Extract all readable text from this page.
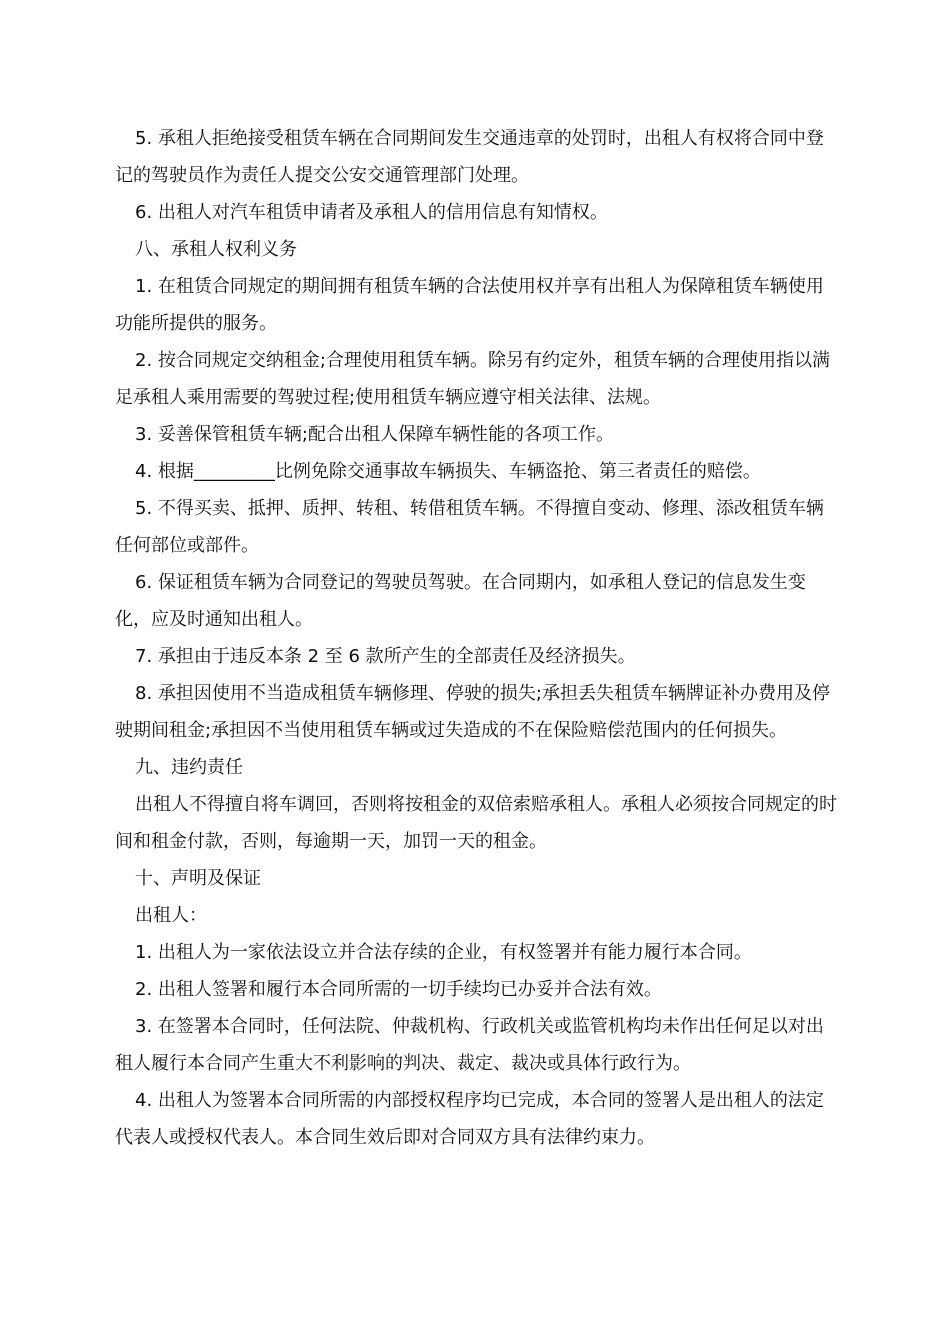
5. 承租人拒绝接受租赁车辆在合同期间发生交通违章的处罚时，出租人有权将合同中登记的驾驶员作为责任人提交公安交通管理部门处理。

6. 出租人对汽车租赁申请者及承租人的信用信息有知情权。

八、承租人权利义务

1. 在租赁合同规定的期间拥有租赁车辆的合法使用权并享有出租人为保障租赁车辆使用功能所提供的服务。

2. 按合同规定交纳租金;合理使用租赁车辆。除另有约定外，租赁车辆的合理使用指以满足承租人乘用需要的驾驶过程;使用租赁车辆应遵守相关法律、法规。

3. 妥善保管租赁车辆;配合出租人保障车辆性能的各项工作。

4. 根据_________比例免除交通事故车辆损失、车辆盗抢、第三者责任的赔偿。

5. 不得买卖、抵押、质押、转租、转借租赁车辆。不得擅自变动、修理、添改租赁车辆任何部位或部件。

6. 保证租赁车辆为合同登记的驾驶员驾驶。在合同期内，如承租人登记的信息发生变化，应及时通知出租人。

7. 承担由于违反本条 2 至 6 款所产生的全部责任及经济损失。

8. 承担因使用不当造成租赁车辆修理、停驶的损失;承担丢失租赁车辆牌证补办费用及停驶期间租金;承担因不当使用租赁车辆或过失造成的不在保险赔偿范围内的任何损失。

九、违约责任

出租人不得擅自将车调回，否则将按租金的双倍索赔承租人。承租人必须按合同规定的时间和租金付款，否则，每逾期一天，加罚一天的租金。

十、声明及保证

出租人：

1. 出租人为一家依法设立并合法存续的企业，有权签署并有能力履行本合同。

2. 出租人签署和履行本合同所需的一切手续均已办妥并合法有效。

3. 在签署本合同时，任何法院、仲裁机构、行政机关或监管机构均未作出任何足以对出租人履行本合同产生重大不利影响的判决、裁定、裁决或具体行政行为。

4. 出租人为签署本合同所需的内部授权程序均已完成，本合同的签署人是出租人的法定代表人或授权代表人。本合同生效后即对合同双方具有法律约束力。
